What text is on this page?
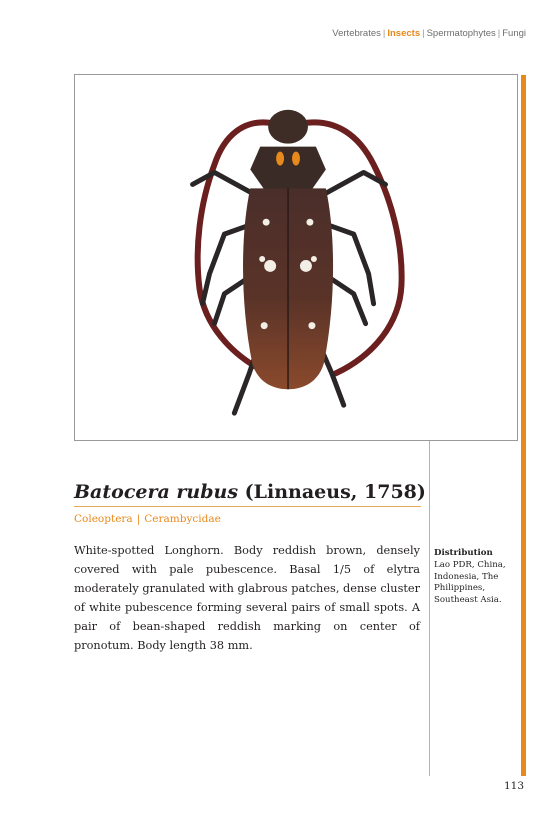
Vertebrates | Insects | Spermatophytes | Fungi
Batocera rubus (Linnaeus, 1758)
Coleoptera | Cerambycidae

White-spotted Longhorn. Body reddish brown, densely covered with pale pubescence. Basal 1/5 of elytra moderately granulated with glabrous patches, dense cluster of white pubescence forming several pairs of small spots. A pair of bean-shaped reddish marking on center of pronotum. Body length 38 mm.

Distribution

Lao PDR, China, Indonesia, The Philippines, Southeast Asia.

113
